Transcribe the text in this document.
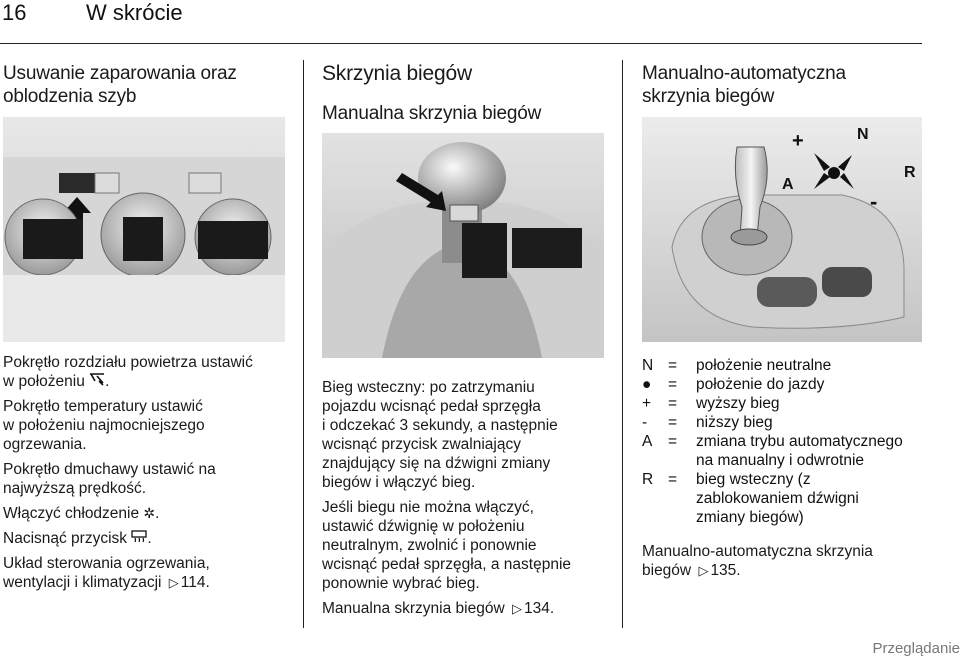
16	W skrócie
Usuwanie zaparowania oraz
oblodzenia szyb

Pokrętło rozdziału powietrza ustawić
w położeniu .

Pokrętło temperatury ustawić
w położeniu najmocniejszego
ogrzewania.

Pokrętło dmuchawy ustawić na
najwyższą prędkość.

Włączyć chłodzenie ✲.

Nacisnąć przycisk .

Układ sterowania ogrzewania,
wentylacji i klimatyzacji ▷ 114.

Skrzynia biegów
Manualna skrzynia biegów

Bieg wsteczny: po zatrzymaniu
pojazdu wcisnąć pedał sprzęgła
i odczekać 3 sekundy, a następnie
wcisnąć przycisk zwalniający
znajdujący się na dźwigni zmiany
biegów i włączyć bieg.

Jeśli biegu nie można włączyć,
ustawić dźwignię w położeniu
neutralnym, zwolnić i ponownie
wcisnąć pedał sprzęgła, a następnie
ponownie wybrać bieg.

Manualna skrzynia biegów ▷ 134.

Manualno-automatyczna
skrzynia biegów
+	N
R
A
-
N =	położenie neutralne
●	=	położenie do jazdy
+	=	wyższy bieg
-	=	niższy bieg
A	=	zmiana trybu automatycznego
na manualny i odwrotnie
R =	bieg wsteczny (z
zablokowaniem dźwigni
zmiany biegów)
Manualno-automatyczna skrzynia
biegów ▷ 135.
Przeglądanie
